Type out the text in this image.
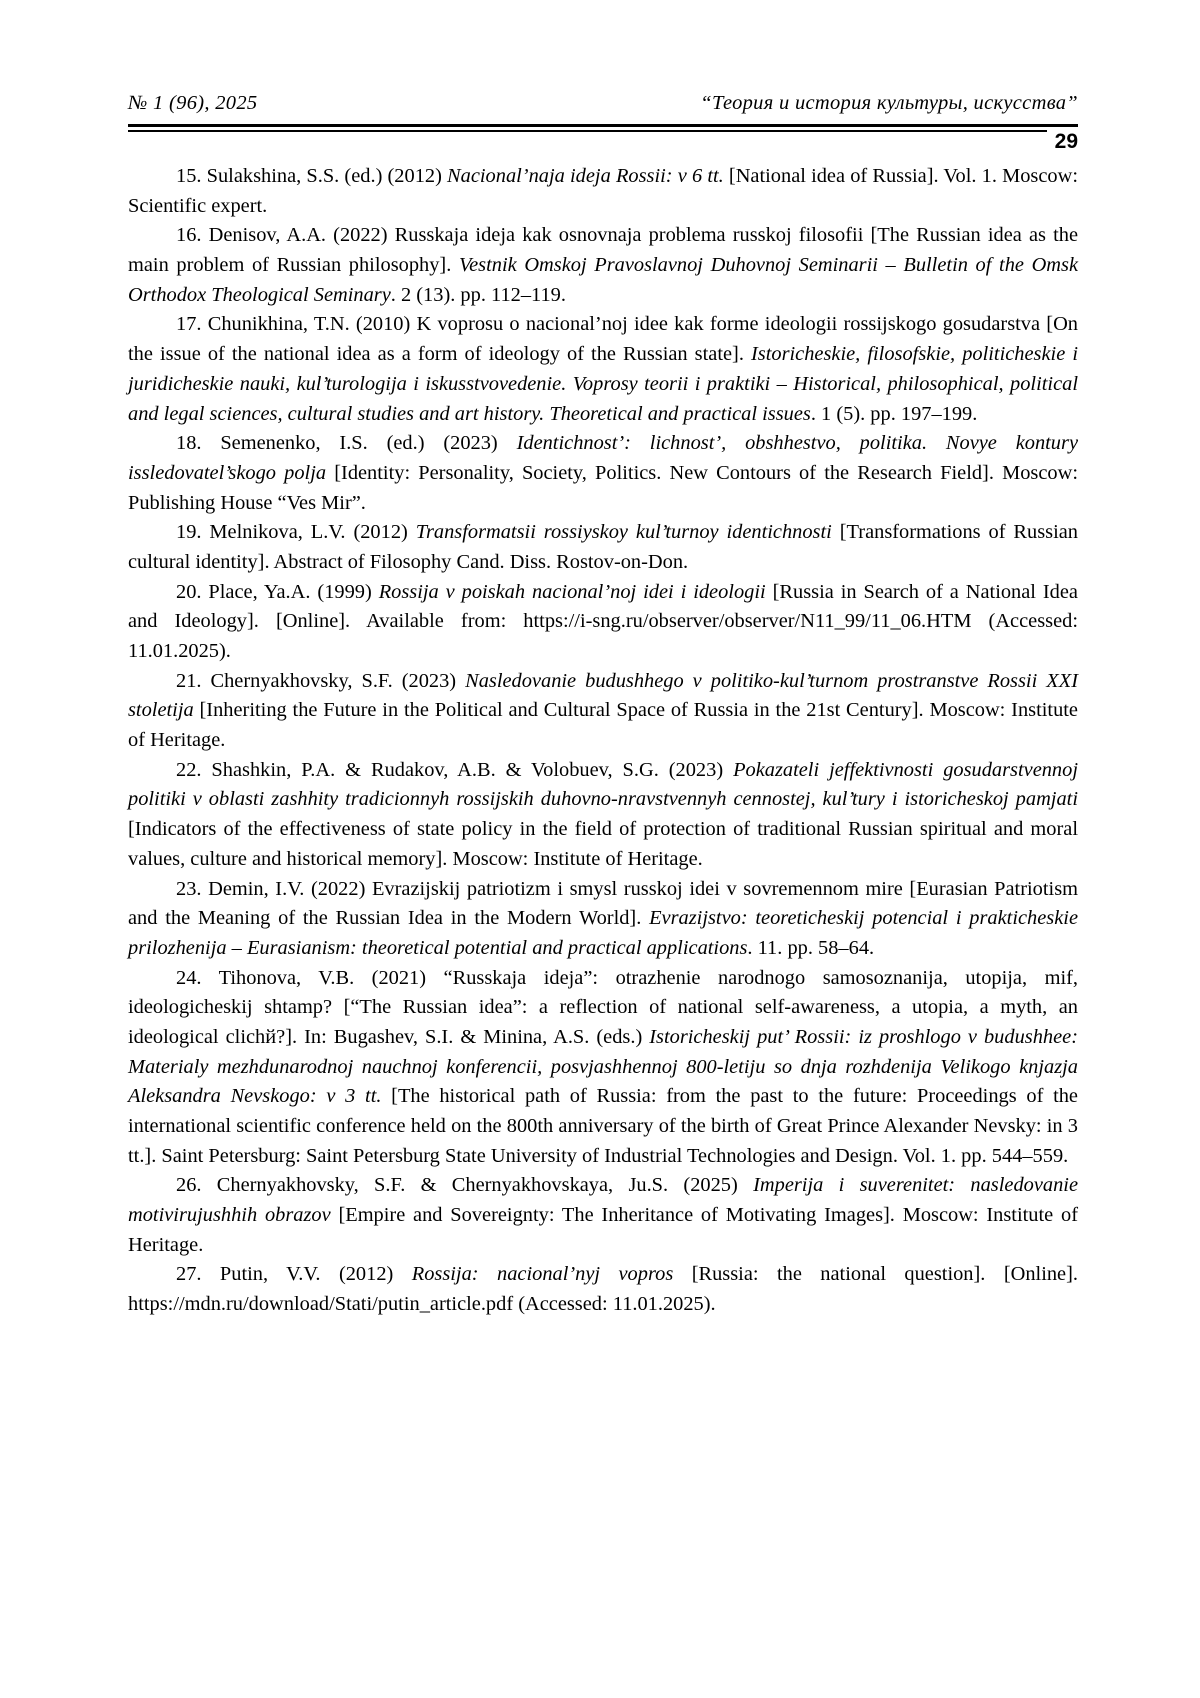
№ 1 (96), 2025	“Теория и история культуры, искусства”
29

15. Sulakshina, S.S. (ed.) (2012) Nacional’naja ideja Rossii: v 6 tt. [National idea of Russia]. Vol. 1. Moscow: Scientific expert.

16. Denisov, A.A. (2022) Russkaja ideja kak osnovnaja problema russkoj filosofii [The Russian idea as the main problem of Russian philosophy]. Vestnik Omskoj Pravoslavnoj Duhovnoj Seminarii – Bulletin of the Omsk Orthodox Theological Seminary. 2 (13). pp. 112–119.

17. Chunikhina, T.N. (2010) K voprosu o nacional’noj idee kak forme ideologii rossijskogo gosudarstva [On the issue of the national idea as a form of ideology of the Russian state]. Istoricheskie, filosofskie, politicheskie i juridicheskie nauki, kul’turologija i iskusstvovedenie. Voprosy teorii i praktiki – Historical, philosophical, political and legal sciences, cultural studies and art history. Theoretical and practical issues. 1 (5). pp. 197–199.

18. Semenenko, I.S. (ed.) (2023) Identichnost’: lichnost’, obshhestvo, politika. Novye kontury issledovatel’skogo polja [Identity: Personality, Society, Politics. New Contours of the Research Field]. Moscow: Publishing House “Ves Mir”.

19. Melnikova, L.V. (2012) Transformatsii rossiyskoy kul’turnoy identichnosti [Transformations of Russian cultural identity]. Abstract of Filosophy Cand. Diss. Rostov-on-Don.

20. Place, Ya.A. (1999) Rossija v poiskah nacional’noj idei i ideologii [Russia in Search of a National Idea and Ideology]. [Online]. Available from: https://i-sng.ru/observer/observer/N11_99/11_06.HTM (Accessed: 11.01.2025).

21. Chernyakhovsky, S.F. (2023) Nasledovanie budushhego v politiko-kul’turnom prostranstve Rossii XXI stoletija [Inheriting the Future in the Political and Cultural Space of Russia in the 21st Century]. Moscow: Institute of Heritage.

22. Shashkin, P.A. & Rudakov, A.B. & Volobuev, S.G. (2023) Pokazateli jeffektivnosti gosudarstvennoj politiki v oblasti zashhity tradicionnyh rossijskih duhovno-nravstvennyh cennostej, kul’tury i istoricheskoj pamjati [Indicators of the effectiveness of state policy in the field of protection of traditional Russian spiritual and moral values, culture and historical memory]. Moscow: Institute of Heritage.

23. Demin, I.V. (2022) Evrazijskij patriotizm i smysl russkoj idei v sovremennom mire [Eurasian Patriotism and the Meaning of the Russian Idea in the Modern World]. Evrazijstvo: teoreticheskij potencial i prakticheskie prilozhenija – Eurasianism: theoretical potential and practical applications. 11. pp. 58–64.

24. Tihonova, V.B. (2021) “Russkaja ideja”: otrazhenie narodnogo samosoznanija, utopija, mif, ideologicheskij shtamp? [“The Russian idea”: a reflection of national self-awareness, a utopia, a myth, an ideological clichй?]. In: Bugashev, S.I. & Minina, A.S. (eds.) Istoricheskij put’ Rossii: iz proshlogo v budushhee: Materialy mezhdunarodnoj nauchnoj konferencii, posvjashhennoj 800-letiju so dnja rozhdenija Velikogo knjazja Aleksandra Nevskogo: v 3 tt. [The historical path of Russia: from the past to the future: Proceedings of the international scientific conference held on the 800th anniversary of the birth of Great Prince Alexander Nevsky: in 3 tt.]. Saint Petersburg: Saint Petersburg State University of Industrial Technologies and Design. Vol. 1. pp. 544–559.

26. Chernyakhovsky, S.F. & Chernyakhovskaya, Ju.S. (2025) Imperija i suverenitet: nasledovanie motivirujushhih obrazov [Empire and Sovereignty: The Inheritance of Motivating Images]. Moscow: Institute of Heritage.

27. Putin, V.V. (2012) Rossija: nacional’nyj vopros [Russia: the national question]. [Online]. https://mdn.ru/download/Stati/putin_article.pdf (Accessed: 11.01.2025).
